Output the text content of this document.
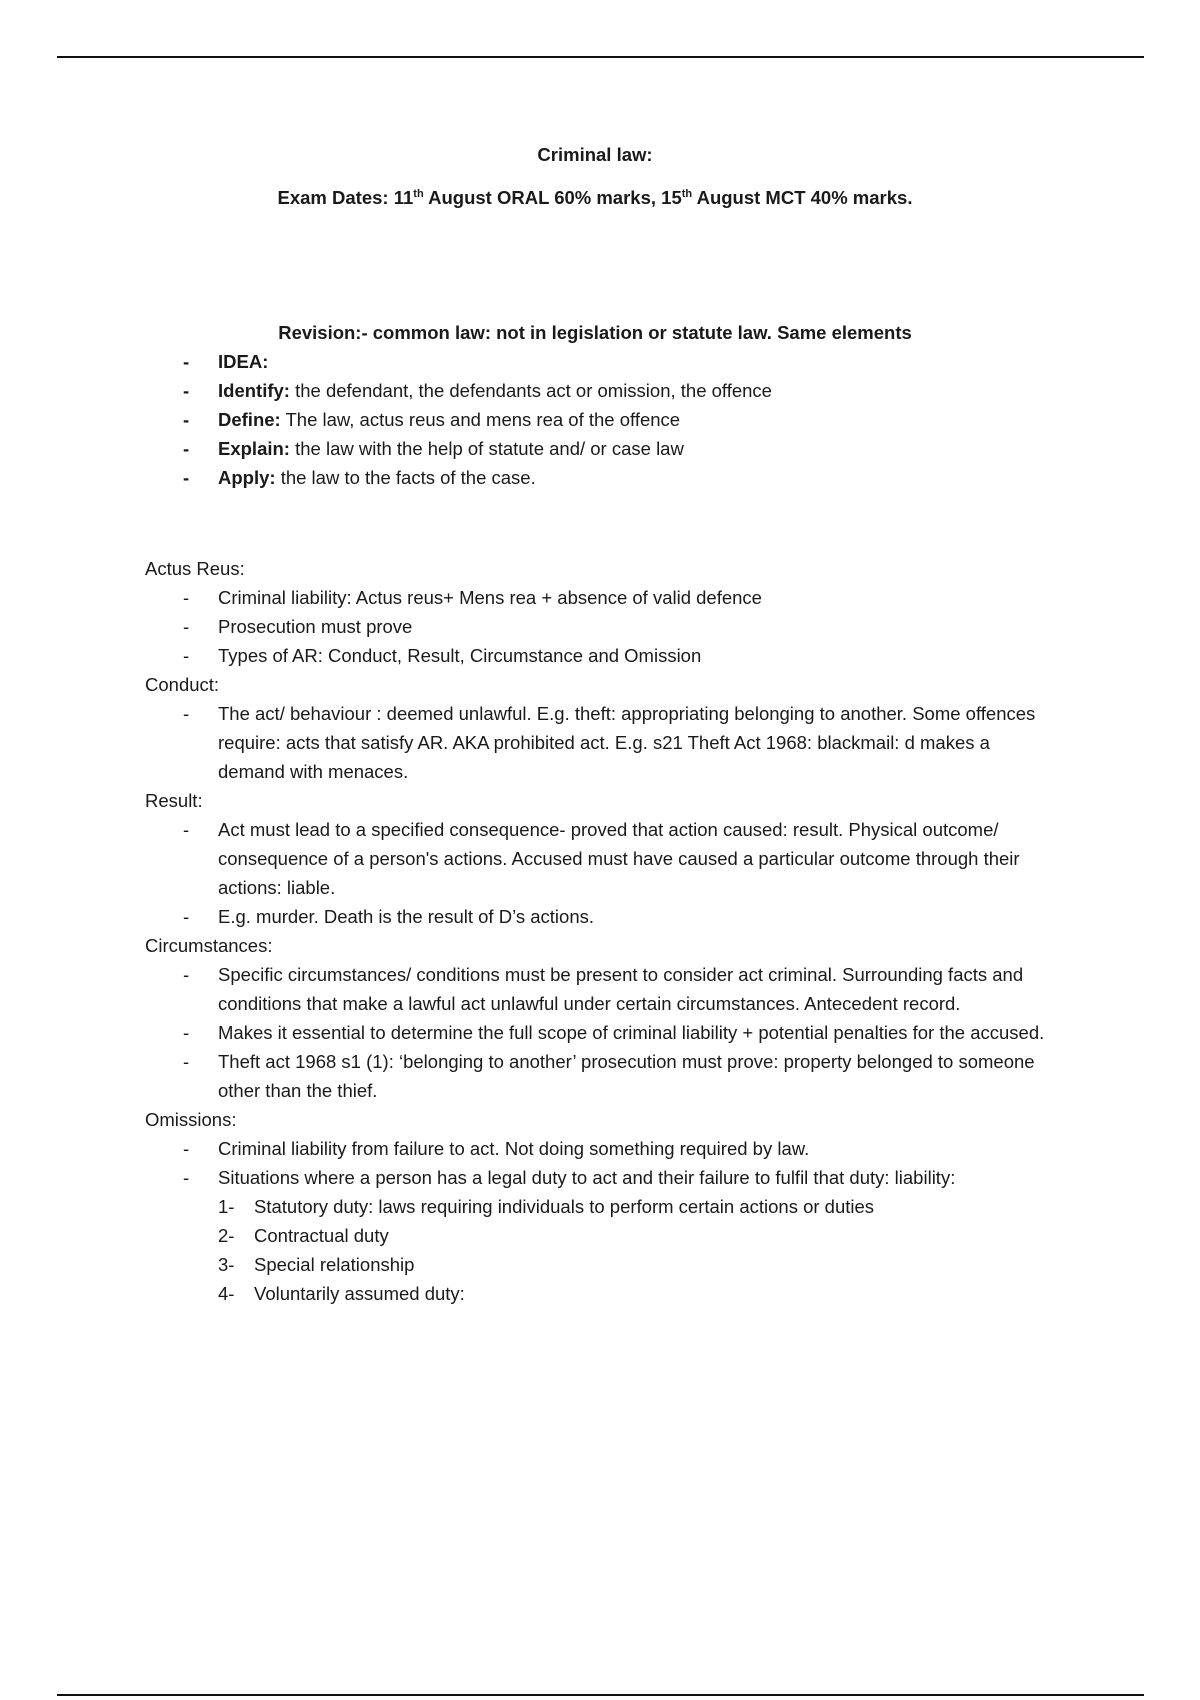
Criminal law:

Exam Dates: 11th August ORAL 60% marks, 15th August MCT 40% marks.

Revision:- common law: not in legislation or statute law. Same elements

- IDEA:
- Identify: the defendant, the defendants act or omission, the offence
- Define: The law, actus reus and mens rea of the offence
- Explain: the law with the help of statute and/ or case law
- Apply: the law to the facts of the case.

Actus Reus:

- Criminal liability: Actus reus+ Mens rea + absence of valid defence
- Prosecution must prove
- Types of AR: Conduct, Result, Circumstance and Omission

Conduct:

- The act/ behaviour : deemed unlawful. E.g. theft: appropriating belonging to another. Some offences require: acts that satisfy AR. AKA prohibited act. E.g. s21 Theft Act 1968: blackmail: d makes a demand with menaces.

Result:

- Act must lead to a specified consequence- proved that action caused: result. Physical outcome/ consequence of a person's actions. Accused must have caused a particular outcome through their actions: liable.
- E.g. murder. Death is the result of D’s actions.

Circumstances:

- Specific circumstances/ conditions must be present to consider act criminal. Surrounding facts and conditions that make a lawful act unlawful under certain circumstances. Antecedent record.
- Makes it essential to determine the full scope of criminal liability + potential penalties for the accused.
- Theft act 1968 s1 (1): ‘belonging to another’ prosecution must prove: property belonged to someone other than the thief.

Omissions:

- Criminal liability from failure to act. Not doing something required by law.
- Situations where a person has a legal duty to act and their failure to fulfil that duty: liability:
1- Statutory duty: laws requiring individuals to perform certain actions or duties
2- Contractual duty
3- Special relationship
4- Voluntarily assumed duty:
